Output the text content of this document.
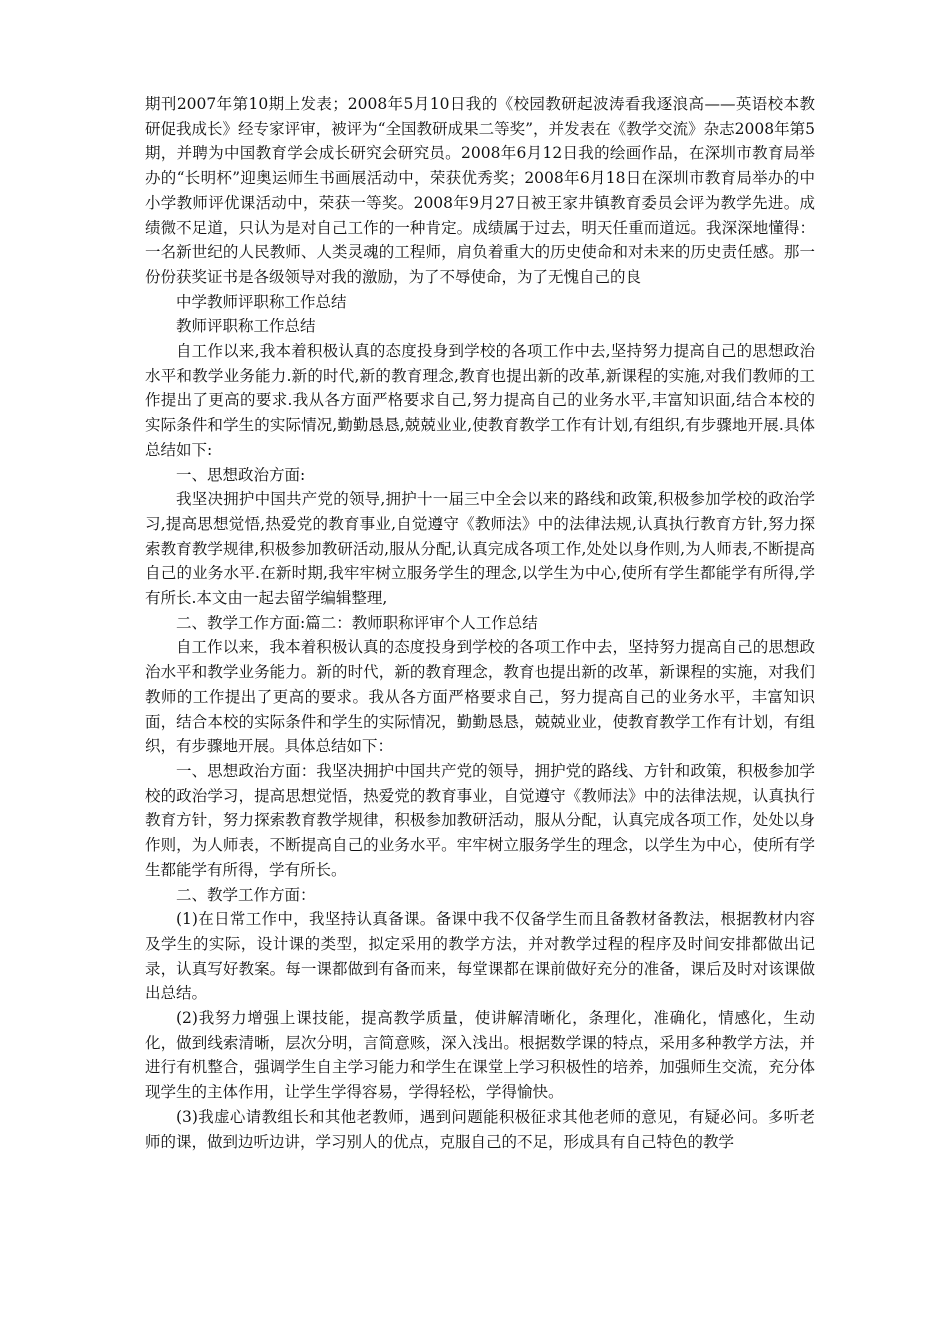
期刊2007年第10期上发表；2008年5月10日我的《校园教研起波涛看我逐浪高——英语校本教研促我成长》经专家评审，被评为“全国教研成果二等奖”，并发表在《教学交流》杂志2008年第5期，并聘为中国教育学会成长研究会研究员。2008年6月12日我的绘画作品，在深圳市教育局举办的“长明杯”迎奥运师生书画展活动中，荣获优秀奖；2008年6月18日在深圳市教育局举办的中小学教师评优课活动中，荣获一等奖。2008年9月27日被王家井镇教育委员会评为教学先进。成绩微不足道，只认为是对自己工作的一种肯定。成绩属于过去，明天任重而道远。我深深地懂得：一名新世纪的人民教师、人类灵魂的工程师，肩负着重大的历史使命和对未来的历史责任感。那一份份获奖证书是各级领导对我的激励，为了不辱使命，为了无愧自己的良

中学教师评职称工作总结

教师评职称工作总结

自工作以来,我本着积极认真的态度投身到学校的各项工作中去,坚持努力提高自己的思想政治水平和教学业务能力.新的时代,新的教育理念,教育也提出新的改革,新课程的实施,对我们教师的工作提出了更高的要求.我从各方面严格要求自己,努力提高自己的业务水平,丰富知识面,结合本校的实际条件和学生的实际情况,勤勤恳恳,兢兢业业,使教育教学工作有计划,有组织,有步骤地开展.具体总结如下:

一、思想政治方面:

我坚决拥护中国共产党的领导,拥护十一届三中全会以来的路线和政策,积极参加学校的政治学习,提高思想觉悟,热爱党的教育事业,自觉遵守《教师法》中的法律法规,认真执行教育方针,努力探索教育教学规律,积极参加教研活动,服从分配,认真完成各项工作,处处以身作则,为人师表,不断提高自己的业务水平.在新时期,我牢牢树立服务学生的理念,以学生为中心,使所有学生都能学有所得,学有所长.本文由一起去留学编辑整理,

二、教学工作方面:篇二：教师职称评审个人工作总结

自工作以来，我本着积极认真的态度投身到学校的各项工作中去，坚持努力提高自己的思想政治水平和教学业务能力。新的时代，新的教育理念，教育也提出新的改革，新课程的实施，对我们教师的工作提出了更高的要求。我从各方面严格要求自己，努力提高自己的业务水平，丰富知识面，结合本校的实际条件和学生的实际情况，勤勤恳恳，兢兢业业，使教育教学工作有计划，有组织，有步骤地开展。具体总结如下：

一、思想政治方面：我坚决拥护中国共产党的领导，拥护党的路线、方针和政策，积极参加学校的政治学习，提高思想觉悟，热爱党的教育事业，自觉遵守《教师法》中的法律法规，认真执行教育方针，努力探索教育教学规律，积极参加教研活动，服从分配，认真完成各项工作，处处以身作则，为人师表，不断提高自己的业务水平。牢牢树立服务学生的理念，以学生为中心，使所有学生都能学有所得，学有所长。

二、教学工作方面：

(1)在日常工作中，我坚持认真备课。备课中我不仅备学生而且备教材备教法，根据教材内容及学生的实际，设计课的类型，拟定采用的教学方法，并对教学过程的程序及时间安排都做出记录，认真写好教案。每一课都做到有备而来，每堂课都在课前做好充分的准备，课后及时对该课做出总结。

(2)我努力增强上课技能，提高教学质量，使讲解清晰化，条理化，准确化，情感化，生动化，做到线索清晰，层次分明，言简意赅，深入浅出。根据数学课的特点，采用多种教学方法，并进行有机整合，强调学生自主学习能力和学生在课堂上学习积极性的培养，加强师生交流，充分体现学生的主体作用，让学生学得容易，学得轻松，学得愉快。

(3)我虚心请教组长和其他老教师，遇到问题能积极征求其他老师的意见，有疑必问。多听老师的课，做到边听边讲，学习别人的优点，克服自己的不足，形成具有自己特色的教学
